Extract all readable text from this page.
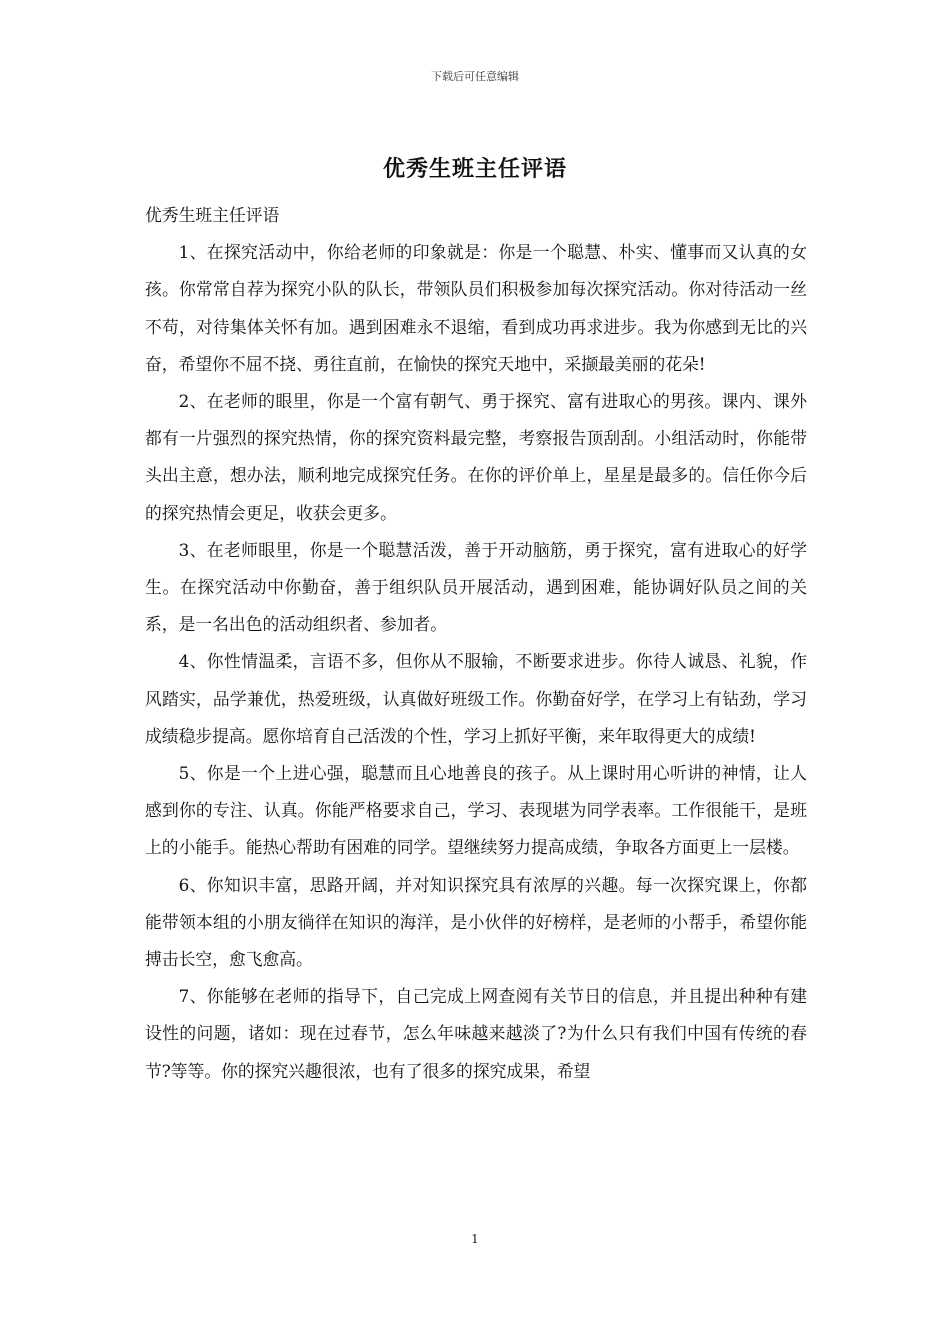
下载后可任意编辑
优秀生班主任评语

优秀生班主任评语

1、在探究活动中，你给老师的印象就是：你是一个聪慧、朴实、懂事而又认真的女孩。你常常自荐为探究小队的队长，带领队员们积极参加每次探究活动。你对待活动一丝不苟，对待集体关怀有加。遇到困难永不退缩，看到成功再求进步。我为你感到无比的兴奋，希望你不屈不挠、勇往直前，在愉快的探究天地中，采撷最美丽的花朵!

2、在老师的眼里，你是一个富有朝气、勇于探究、富有进取心的男孩。课内、课外都有一片强烈的探究热情，你的探究资料最完整，考察报告顶刮刮。小组活动时，你能带头出主意，想办法，顺利地完成探究任务。在你的评价单上，星星是最多的。信任你今后的探究热情会更足，收获会更多。

3、在老师眼里，你是一个聪慧活泼，善于开动脑筋，勇于探究，富有进取心的好学生。在探究活动中你勤奋，善于组织队员开展活动，遇到困难，能协调好队员之间的关系，是一名出色的活动组织者、参加者。

4、你性情温柔，言语不多，但你从不服输，不断要求进步。你待人诚恳、礼貌，作风踏实，品学兼优，热爱班级，认真做好班级工作。你勤奋好学，在学习上有钻劲，学习成绩稳步提高。愿你培育自己活泼的个性，学习上抓好平衡，来年取得更大的成绩!

5、你是一个上进心强，聪慧而且心地善良的孩子。从上课时用心听讲的神情，让人感到你的专注、认真。你能严格要求自己，学习、表现堪为同学表率。工作很能干，是班上的小能手。能热心帮助有困难的同学。望继续努力提高成绩，争取各方面更上一层楼。

6、你知识丰富，思路开阔，并对知识探究具有浓厚的兴趣。每一次探究课上，你都能带领本组的小朋友徜徉在知识的海洋，是小伙伴的好榜样，是老师的小帮手，希望你能搏击长空，愈飞愈高。

7、你能够在老师的指导下，自己完成上网查阅有关节日的信息，并且提出种种有建设性的问题，诸如：现在过春节，怎么年味越来越淡了?为什么只有我们中国有传统的春节?等等。你的探究兴趣很浓，也有了很多的探究成果，希望

1
